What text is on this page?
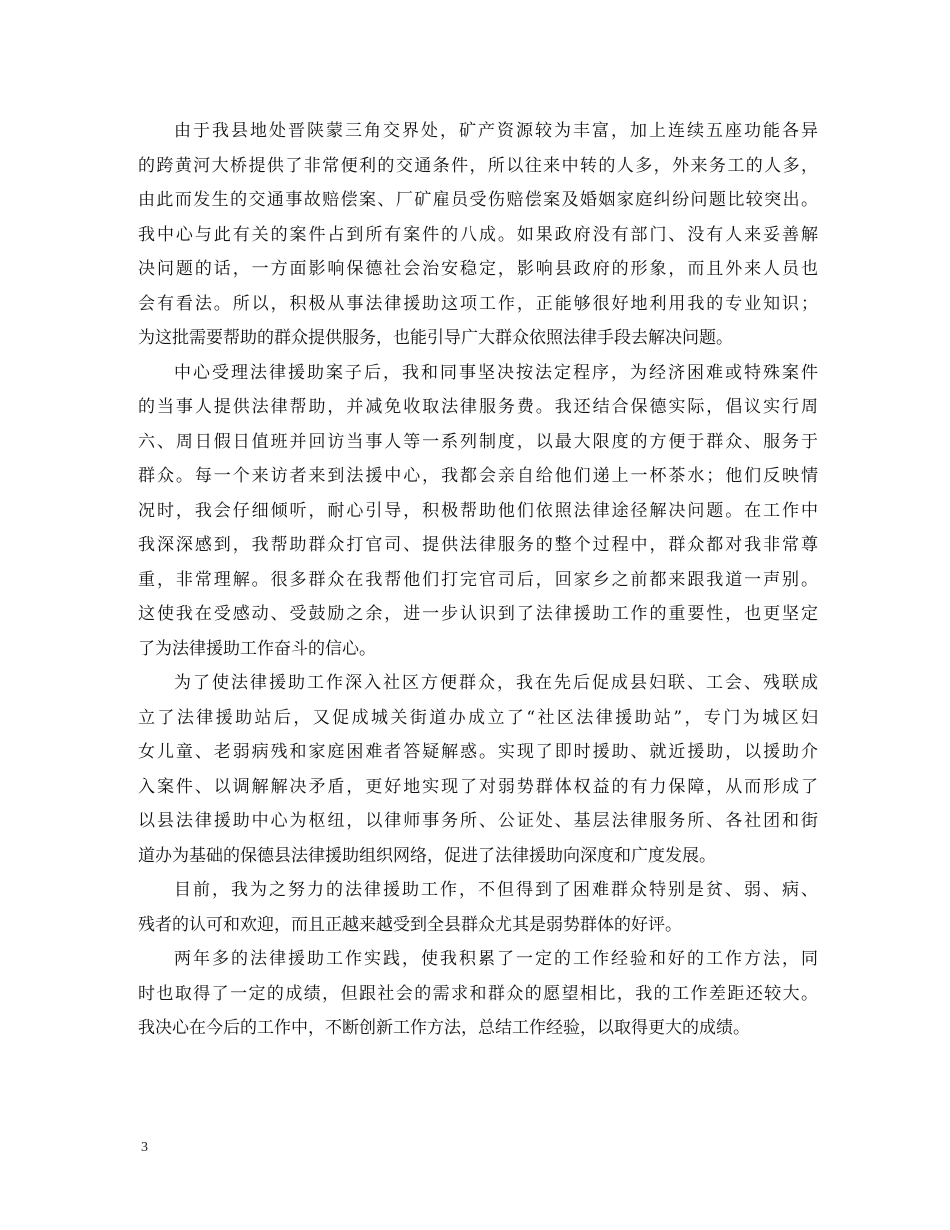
由于我县地处晋陕蒙三角交界处，矿产资源较为丰富，加上连续五座功能各异
的跨黄河大桥提供了非常便利的交通条件，所以往来中转的人多，外来务工的人多，
由此而发生的交通事故赔偿案、厂矿雇员受伤赔偿案及婚姻家庭纠纷问题比较突出。
我中心与此有关的案件占到所有案件的八成。如果政府没有部门、没有人来妥善解
决问题的话，一方面影响保德社会治安稳定，影响县政府的形象，而且外来人员也
会有看法。所以，积极从事法律援助这项工作，正能够很好地利用我的专业知识；
为这批需要帮助的群众提供服务，也能引导广大群众依照法律手段去解决问题。
中心受理法律援助案子后，我和同事坚决按法定程序，为经济困难或特殊案件
的当事人提供法律帮助，并减免收取法律服务费。我还结合保德实际，倡议实行周
六、周日假日值班并回访当事人等一系列制度，以最大限度的方便于群众、服务于
群众。每一个来访者来到法援中心，我都会亲自给他们递上一杯茶水；他们反映情
况时，我会仔细倾听，耐心引导，积极帮助他们依照法律途径解决问题。在工作中
我深深感到，我帮助群众打官司、提供法律服务的整个过程中，群众都对我非常尊
重，非常理解。很多群众在我帮他们打完官司后，回家乡之前都来跟我道一声别。
这使我在受感动、受鼓励之余，进一步认识到了法律援助工作的重要性，也更坚定
了为法律援助工作奋斗的信心。
为了使法律援助工作深入社区方便群众，我在先后促成县妇联、工会、残联成
立了法律援助站后，又促成城关街道办成立了“社区法律援助站”，专门为城区妇
女儿童、老弱病残和家庭困难者答疑解惑。实现了即时援助、就近援助，以援助介
入案件、以调解解决矛盾，更好地实现了对弱势群体权益的有力保障，从而形成了
以县法律援助中心为枢纽，以律师事务所、公证处、基层法律服务所、各社团和街
道办为基础的保德县法律援助组织网络，促进了法律援助向深度和广度发展。
目前，我为之努力的法律援助工作，不但得到了困难群众特别是贫、弱、病、
残者的认可和欢迎，而且正越来越受到全县群众尤其是弱势群体的好评。
两年多的法律援助工作实践，使我积累了一定的工作经验和好的工作方法，同
时也取得了一定的成绩，但跟社会的需求和群众的愿望相比，我的工作差距还较大。
我决心在今后的工作中，不断创新工作方法，总结工作经验，以取得更大的成绩。
3
